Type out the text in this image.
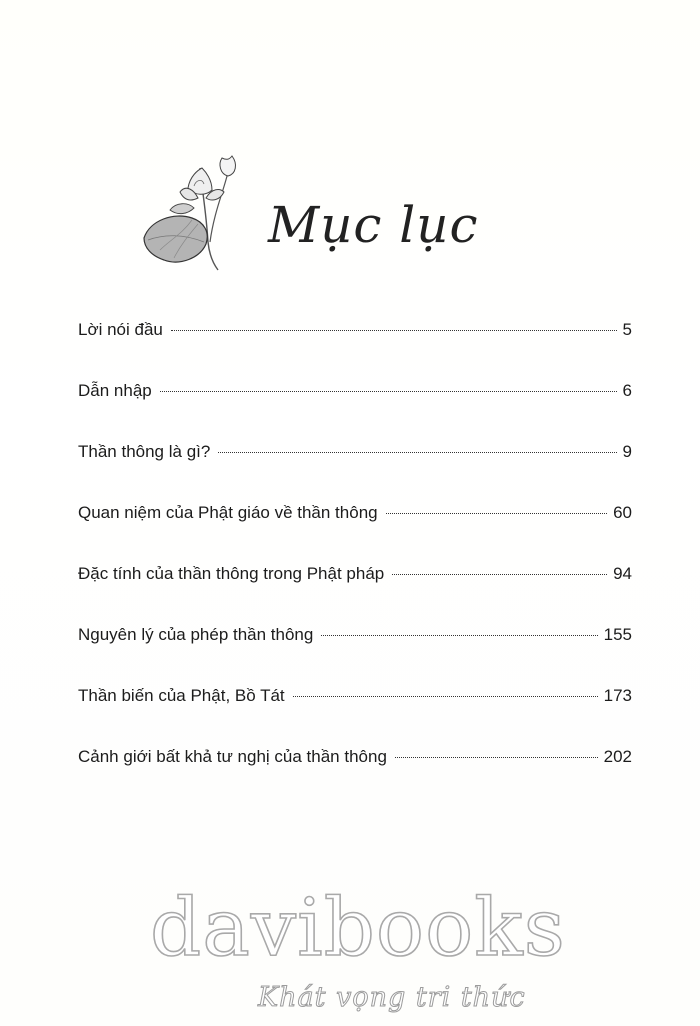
Mục lục
Lời nói đầu	5
Dẫn nhập	6
Thần thông là gì?	9
Quan niệm của Phật giáo về thần thông	60
Đặc tính của thần thông trong Phật pháp	94
Nguyên lý của phép thần thông	155
Thần biến của Phật, Bồ Tát	173
Cảnh giới bất khả tư nghị của thần thông	202
davibooks
Khát vọng tri thức
